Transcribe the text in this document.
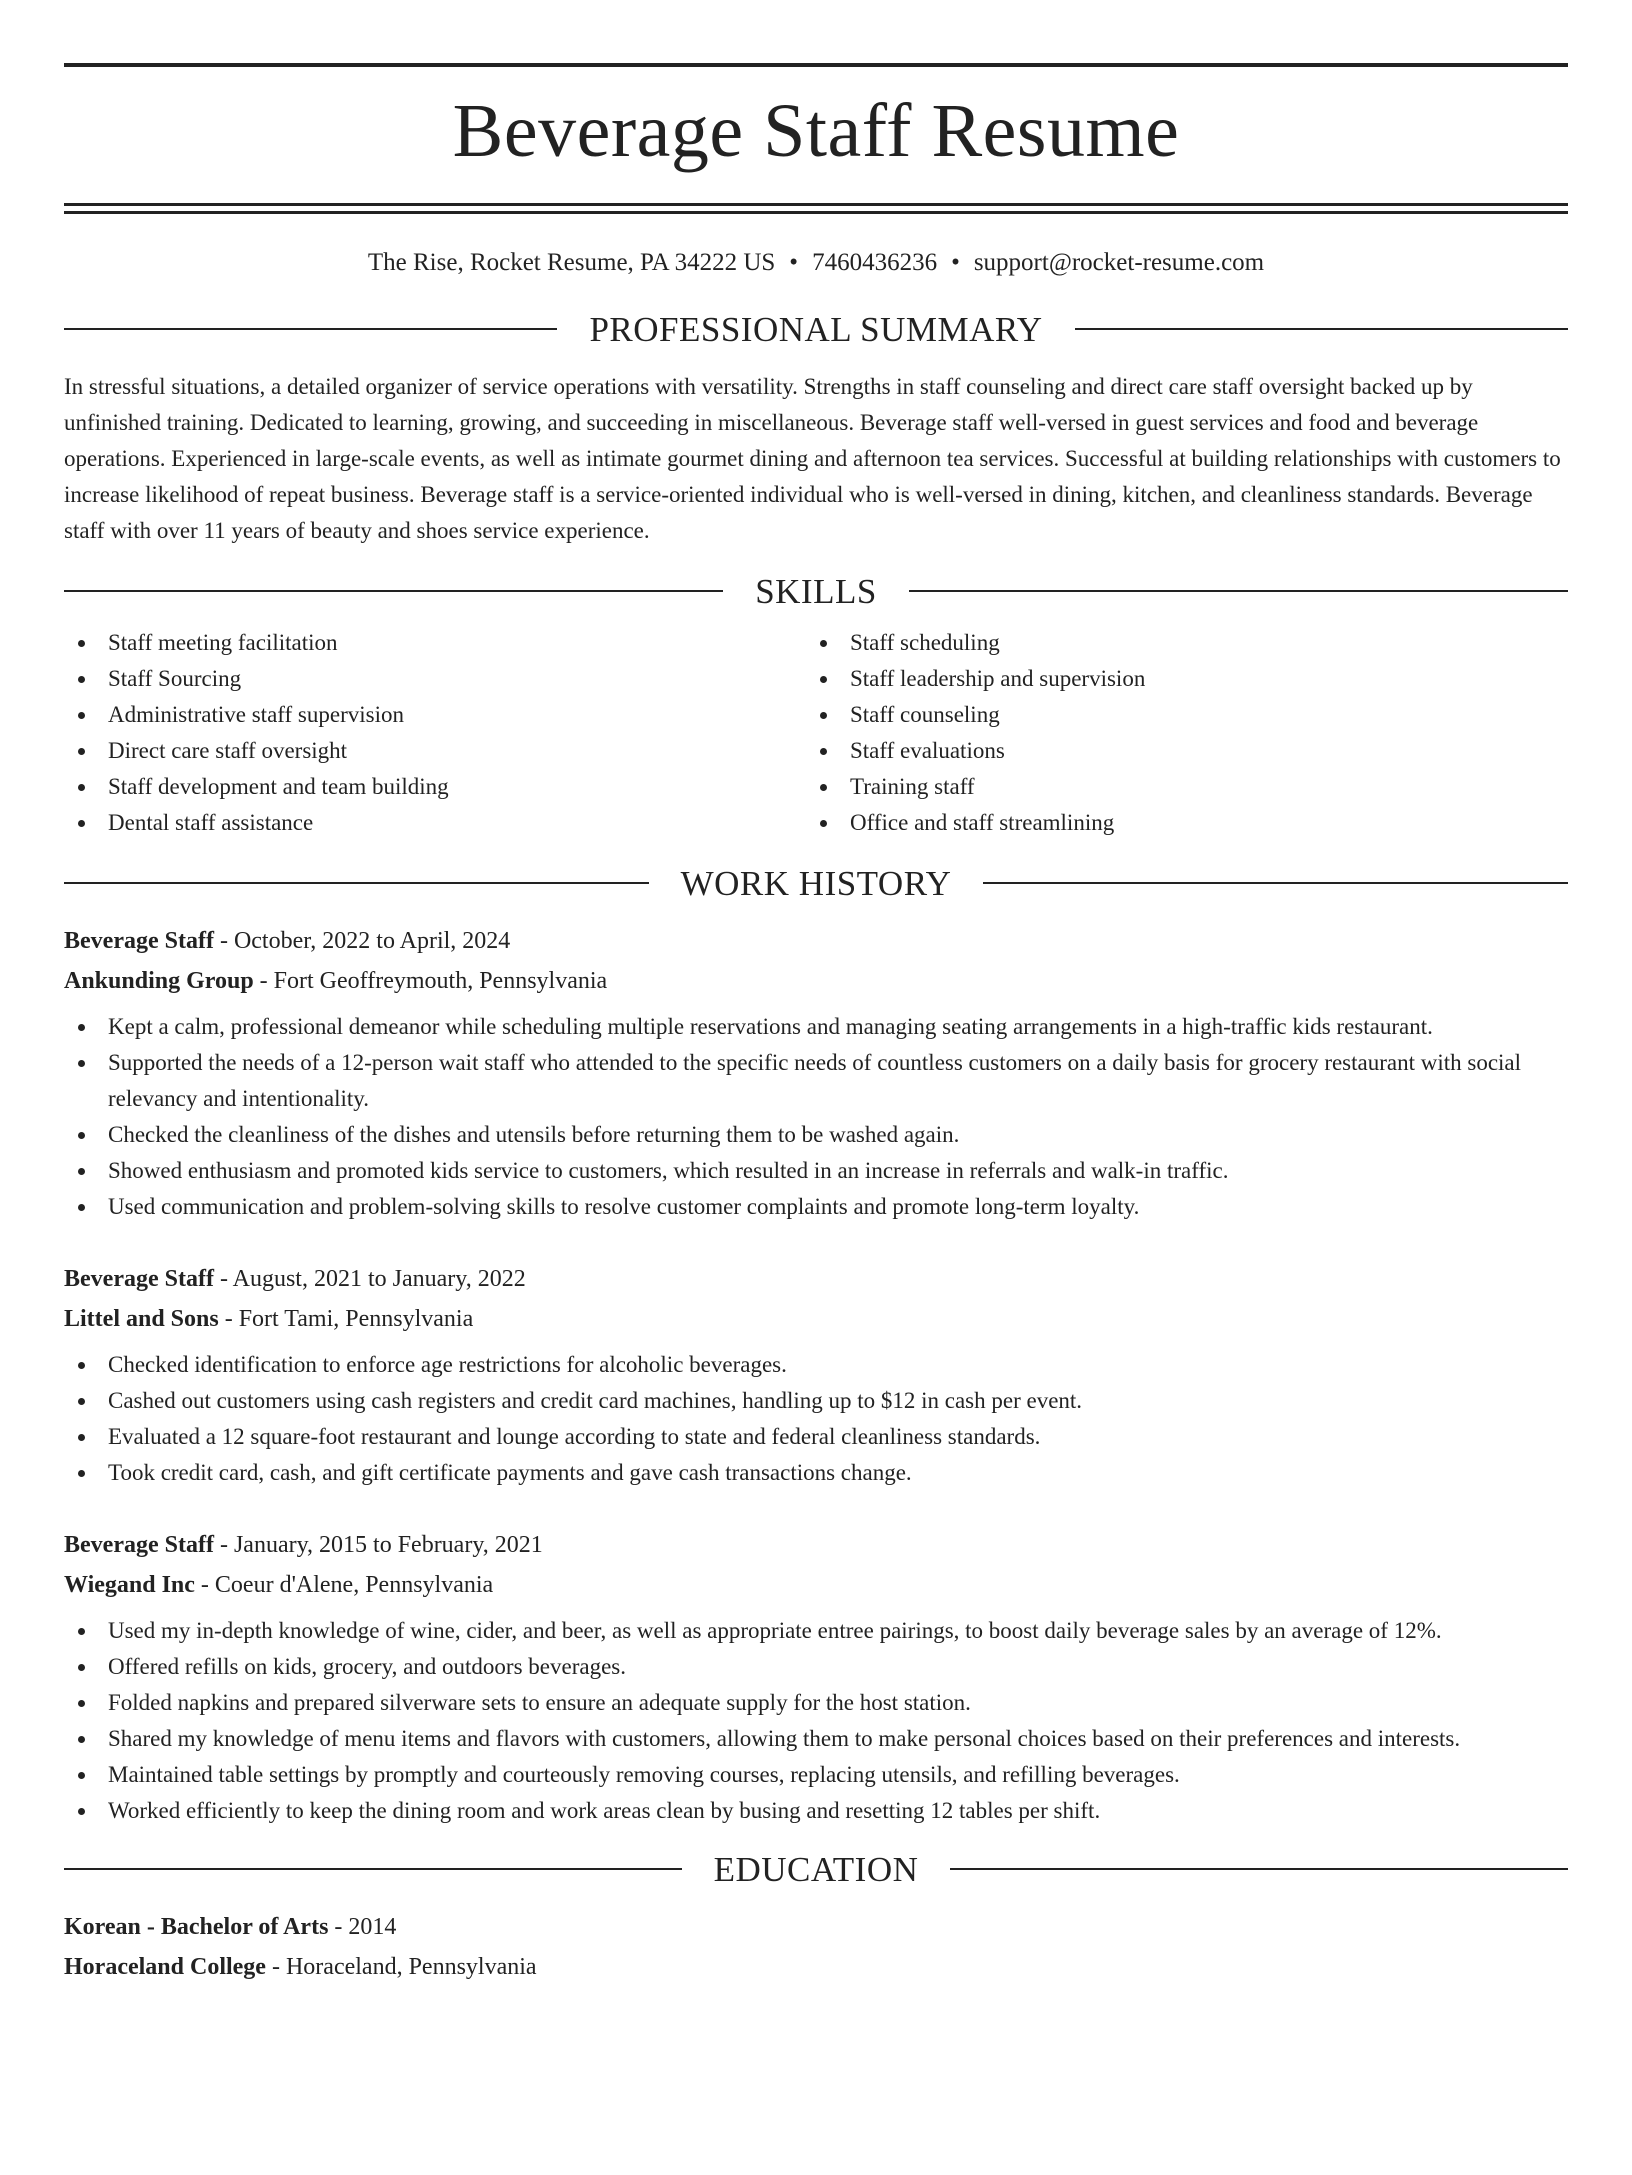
Beverage Staff Resume
The Rise, Rocket Resume, PA 34222 US • 7460436236 • support@rocket-resume.com
PROFESSIONAL SUMMARY

In stressful situations, a detailed organizer of service operations with versatility. Strengths in staff counseling and direct care staff oversight backed up by unfinished training. Dedicated to learning, growing, and succeeding in miscellaneous. Beverage staff well-versed in guest services and food and beverage operations. Experienced in large-scale events, as well as intimate gourmet dining and afternoon tea services. Successful at building relationships with customers to increase likelihood of repeat business. Beverage staff is a service-oriented individual who is well-versed in dining, kitchen, and cleanliness standards. Beverage staff with over 11 years of beauty and shoes service experience.

SKILLS
Staff meeting facilitation
Staff Sourcing
Administrative staff supervision
Direct care staff oversight
Staff development and team building
Dental staff assistance
Staff scheduling
Staff leadership and supervision
Staff counseling
Staff evaluations
Training staff
Office and staff streamlining
WORK HISTORY
Beverage Staff - October, 2022 to April, 2024
Ankunding Group - Fort Geoffreymouth, Pennsylvania
Kept a calm, professional demeanor while scheduling multiple reservations and managing seating arrangements in a high-traffic kids restaurant.
Supported the needs of a 12-person wait staff who attended to the specific needs of countless customers on a daily basis for grocery restaurant with social relevancy and intentionality.
Checked the cleanliness of the dishes and utensils before returning them to be washed again.
Showed enthusiasm and promoted kids service to customers, which resulted in an increase in referrals and walk-in traffic.
Used communication and problem-solving skills to resolve customer complaints and promote long-term loyalty.
Beverage Staff - August, 2021 to January, 2022
Littel and Sons - Fort Tami, Pennsylvania
Checked identification to enforce age restrictions for alcoholic beverages.
Cashed out customers using cash registers and credit card machines, handling up to $12 in cash per event.
Evaluated a 12 square-foot restaurant and lounge according to state and federal cleanliness standards.
Took credit card, cash, and gift certificate payments and gave cash transactions change.
Beverage Staff - January, 2015 to February, 2021
Wiegand Inc - Coeur d'Alene, Pennsylvania
Used my in-depth knowledge of wine, cider, and beer, as well as appropriate entree pairings, to boost daily beverage sales by an average of 12%.
Offered refills on kids, grocery, and outdoors beverages.
Folded napkins and prepared silverware sets to ensure an adequate supply for the host station.
Shared my knowledge of menu items and flavors with customers, allowing them to make personal choices based on their preferences and interests.
Maintained table settings by promptly and courteously removing courses, replacing utensils, and refilling beverages.
Worked efficiently to keep the dining room and work areas clean by busing and resetting 12 tables per shift.
EDUCATION
Korean - Bachelor of Arts - 2014
Horaceland College - Horaceland, Pennsylvania
